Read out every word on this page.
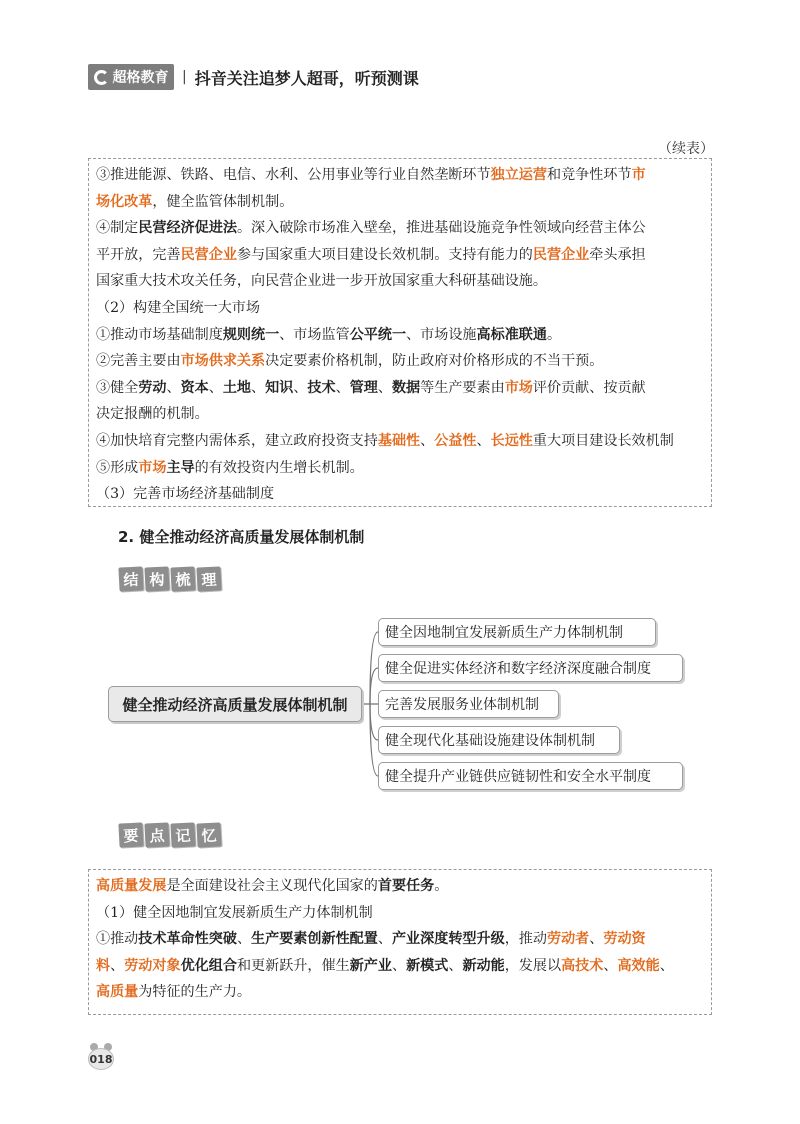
超格教育 | 抖音关注追梦人超哥，听预测课
（续表）
③推进能源、铁路、电信、水利、公用事业等行业自然垄断环节独立运营和竞争性环节市
场化改革，健全监管体制机制。
④制定民营经济促进法。深入破除市场准入壁垒，推进基础设施竞争性领域向经营主体公
平开放，完善民营企业参与国家重大项目建设长效机制。支持有能力的民营企业牵头承担
国家重大技术攻关任务，向民营企业进一步开放国家重大科研基础设施。
（2）构建全国统一大市场
①推动市场基础制度规则统一、市场监管公平统一、市场设施高标准联通。
②完善主要由市场供求关系决定要素价格机制，防止政府对价格形成的不当干预。
③健全劳动、资本、土地、知识、技术、管理、数据等生产要素由市场评价贡献、按贡献
决定报酬的机制。
④加快培育完整内需体系，建立政府投资支持基础性、公益性、长远性重大项目建设长效机制
⑤形成市场主导的有效投资内生增长机制。
（3）完善市场经济基础制度
2. 健全推动经济高质量发展体制机制
结 构 梳 理
健全推动经济高质量发展体制机制
健全因地制宜发展新质生产力体制机制
健全促进实体经济和数字经济深度融合制度
完善发展服务业体制机制
健全现代化基础设施建设体制机制
健全提升产业链供应链韧性和安全水平制度
要 点 记 忆
高质量发展是全面建设社会主义现代化国家的首要任务。
（1）健全因地制宜发展新质生产力体制机制
①推动技术革命性突破、生产要素创新性配置、产业深度转型升级，推动劳动者、劳动资
料、劳动对象优化组合和更新跃升，催生新产业、新模式、新动能，发展以高技术、高效能、
高质量为特征的生产力。
018
